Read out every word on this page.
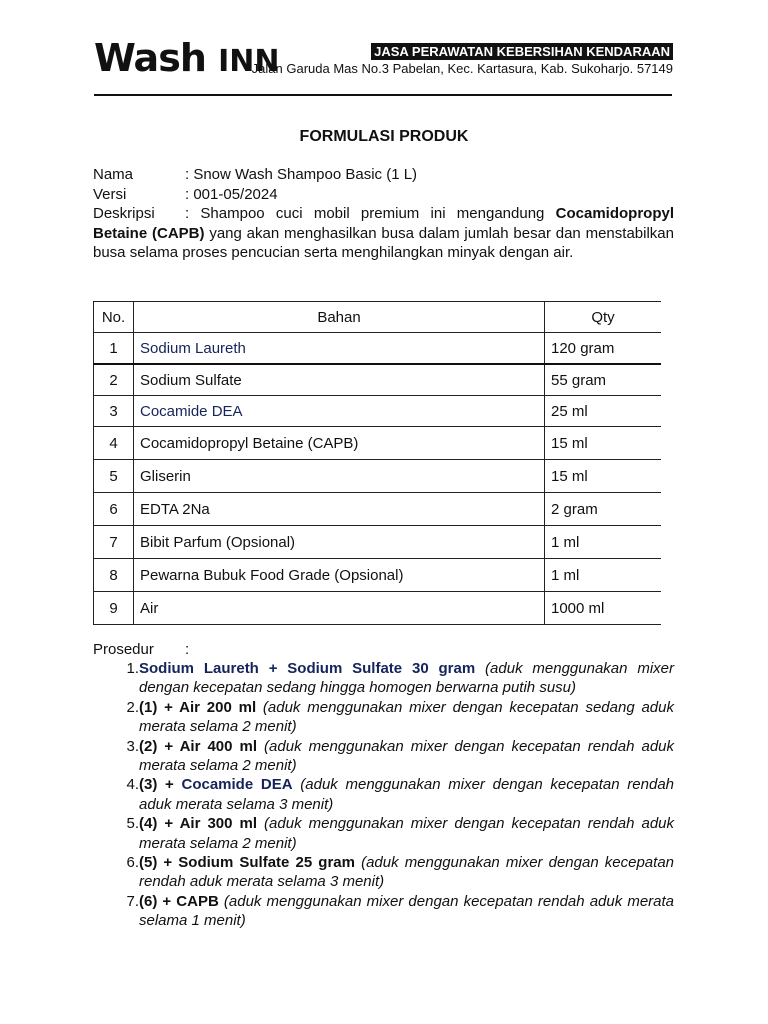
Wash INN	JASA PERAWATAN KEBERSIHAN KENDARAAN
Jalan Garuda Mas No.3 Pabelan, Kec. Kartasura, Kab. Sukoharjo. 57149
FORMULASI PRODUK
Nama	: Snow Wash Shampoo Basic (1 L)
Versi	: 001-05/2024
Deskripsi : Shampoo cuci mobil premium ini mengandung Cocamidopropyl Betaine (CAPB) yang akan menghasilkan busa dalam jumlah besar dan menstabilkan busa selama proses pencucian serta menghilangkan minyak dengan air.
No.	Bahan	Qty
1	Sodium Laureth	120 gram
2	Sodium Sulfate	55 gram
3	Cocamide DEA	25 ml
4	Cocamidopropyl Betaine (CAPB)	15 ml
5	Gliserin	15 ml
6	EDTA 2Na	2 gram
7	Bibit Parfum (Opsional)	1 ml
8	Pewarna Bubuk Food Grade (Opsional)	1 ml
9	Air	1000 ml
Prosedur :
1. Sodium Laureth + Sodium Sulfate 30 gram (aduk menggunakan mixer dengan kecepatan sedang hingga homogen berwarna putih susu)
2. (1) + Air 200 ml (aduk menggunakan mixer dengan kecepatan sedang aduk merata selama 2 menit)
3. (2) + Air 400 ml (aduk menggunakan mixer dengan kecepatan rendah aduk merata selama 2 menit)
4. (3) + Cocamide DEA (aduk menggunakan mixer dengan kecepatan rendah aduk merata selama 3 menit)
5. (4) + Air 300 ml (aduk menggunakan mixer dengan kecepatan rendah aduk merata selama 2 menit)
6. (5) + Sodium Sulfate 25 gram (aduk menggunakan mixer dengan kecepatan rendah aduk merata selama 3 menit)
7. (6) + CAPB (aduk menggunakan mixer dengan kecepatan rendah aduk merata selama 1 menit)
